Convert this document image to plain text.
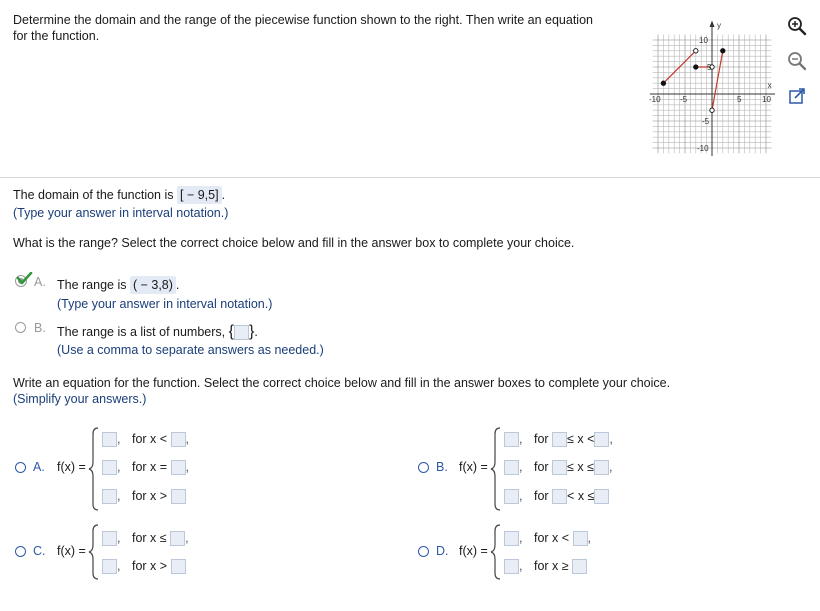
Determine the domain and the range of the piecewise function shown to the right. Then write an equation
for the function.
y
x
10
5
-5
-10
-10 -5	5	10
The domain of the function is [ − 9,5] .
(Type your answer in interval notation.)
What is the range? Select the correct choice below and fill in the answer box to complete your choice.
A. The range is ( − 3,8) .
(Type your answer in interval notation.)
B. The range is a list of numbers, { }.
(Use a comma to separate answers as needed.)
Write an equation for the function. Select the correct choice below and fill in the answer boxes to complete your choice.
(Simplify your answers.)
A. f(x) =
, for x < ,
, for x = ,
, for x >
B. f(x) =
, for ≤ x < ,
, for ≤ x ≤ ,
, for < x ≤
C. f(x) =
, for x ≤ ,
, for x >
D. f(x) =
, for x < ,
, for x ≥
